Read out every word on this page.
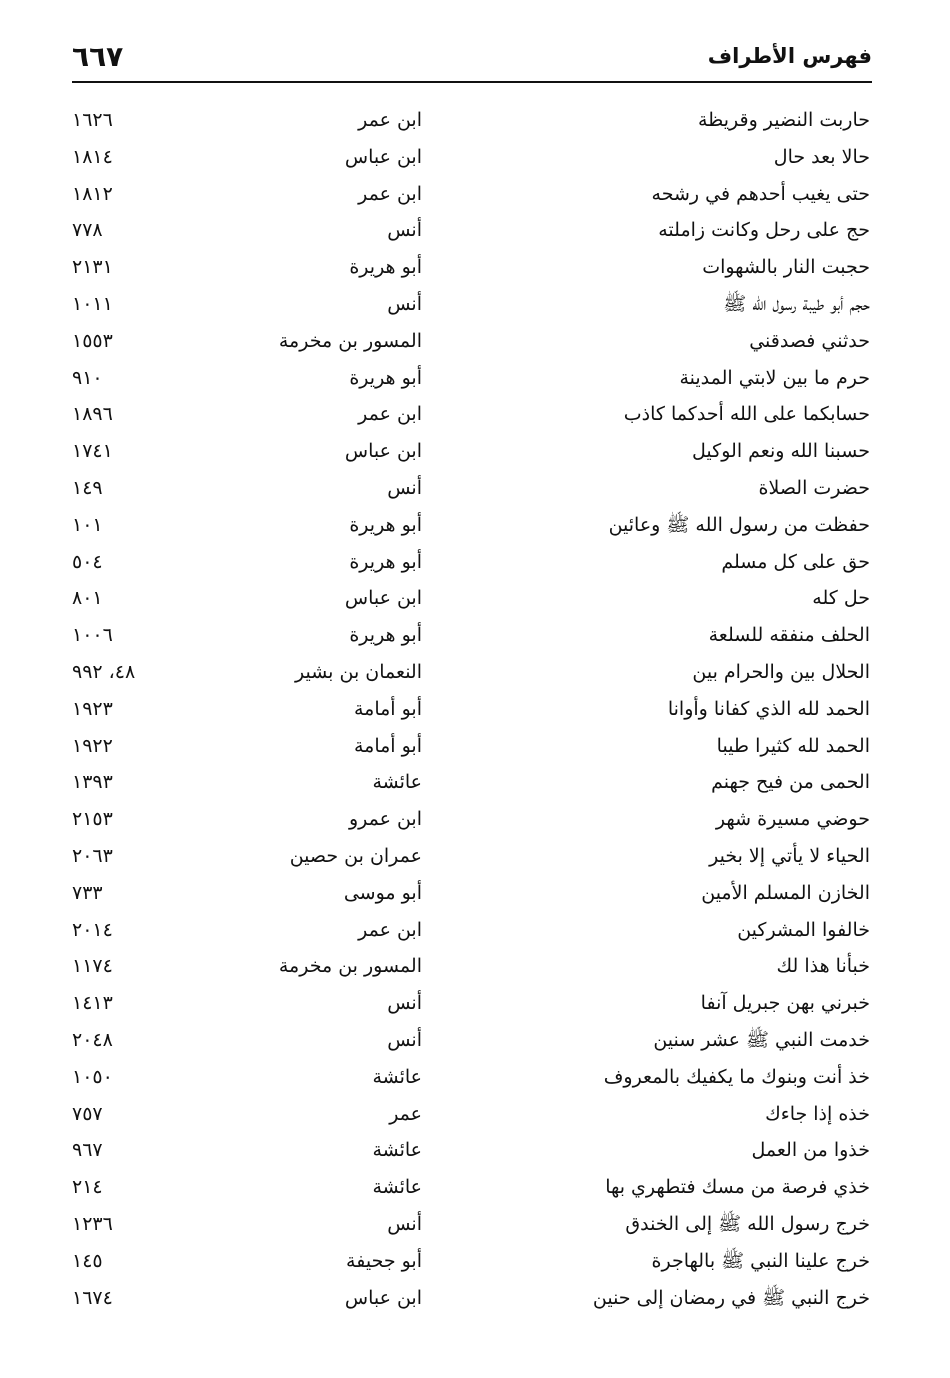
فهرس الأطراف
٦٦٧
حاربت النضير وقريظة
ابن عمر
١٦٢٦
حالا بعد حال
ابن عباس
١٨١٤
حتى يغيب أحدهم في رشحه
ابن عمر
١٨١٢
حج على رحل وكانت زاملته
أنس
٧٧٨
حجبت النار بالشهوات
أبو هريرة
٢١٣١
حجم أبو طيبة رسول الله ﷺ
أنس
١٠١١
حدثني فصدقني
المسور بن مخرمة
١٥٥٣
حرم ما بين لابتي المدينة
أبو هريرة
٩١٠
حسابكما على الله أحدكما كاذب
ابن عمر
١٨٩٦
حسبنا الله ونعم الوكيل
ابن عباس
١٧٤١
حضرت الصلاة
أنس
١٤٩
حفظت من رسول الله ﷺ وعائين
أبو هريرة
١٠١
حق على كل مسلم
أبو هريرة
٥٠٤
حل كله
ابن عباس
٨٠١
الحلف منفقه للسلعة
أبو هريرة
١٠٠٦
الحلال بين والحرام بين
النعمان بن بشير
٤٨، ٩٩٢
الحمد لله الذي كفانا وأوانا
أبو أمامة
١٩٢٣
الحمد لله كثيرا طيبا
أبو أمامة
١٩٢٢
الحمى من فيح جهنم
عائشة
١٣٩٣
حوضي مسيرة شهر
ابن عمرو
٢١٥٣
الحياء لا يأتي إلا بخير
عمران بن حصين
٢٠٦٣
الخازن المسلم الأمين
أبو موسى
٧٣٣
خالفوا المشركين
ابن عمر
٢٠١٤
خبأنا هذا لك
المسور بن مخرمة
١١٧٤
خبرني بهن جبريل آنفا
أنس
١٤١٣
خدمت النبي ﷺ عشر سنين
أنس
٢٠٤٨
خذ أنت وبنوك ما يكفيك بالمعروف
عائشة
١٠٥٠
خذه إذا جاءك
عمر
٧٥٧
خذوا من العمل
عائشة
٩٦٧
خذي فرصة من مسك فتطهري بها
عائشة
٢١٤
خرج رسول الله ﷺ إلى الخندق
أنس
١٢٣٦
خرج علينا النبي ﷺ بالهاجرة
أبو جحيفة
١٤٥
خرج النبي ﷺ في رمضان إلى حنين
ابن عباس
١٦٧٤
